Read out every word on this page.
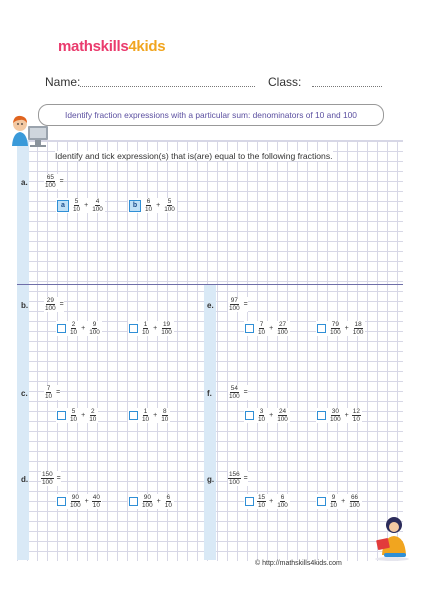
mathskills4kids
Name:	Class:
Identify fraction expressions with a particular sum: denominators of 10 and 100
Identify and tick expression(s) that is(are) equal to the following fractions.
a.	$\frac{65}{100}$ =
a	$\frac{5}{10} + \frac{4}{100}$	b	$\frac{6}{10} + \frac{5}{100}$
b. $\frac{29}{100}$ =
$\frac{2}{10} + \frac{9}{100}$	$\frac{1}{10} + \frac{19}{100}$
c.	$\frac{7}{10}$ =
$\frac{5}{10} + \frac{2}{10}$	$\frac{1}{10} + \frac{8}{10}$
d. $\frac{150}{100}$ =
$\frac{90}{100} + \frac{40}{10}$	$\frac{90}{100} + \frac{6}{10}$
e. $\frac{97}{100}$ =
$\frac{7}{10} + \frac{27}{100}$	$\frac{79}{100} + \frac{18}{100}$
f.	$\frac{54}{100}$ =
$\frac{3}{10} + \frac{24}{100}$	$\frac{30}{100} + \frac{12}{10}$
g. $\frac{156}{100}$ =
$\frac{15}{10} + \frac{6}{100}$	$\frac{9}{10} + \frac{66}{100}$
© http://mathskills4kids.com
